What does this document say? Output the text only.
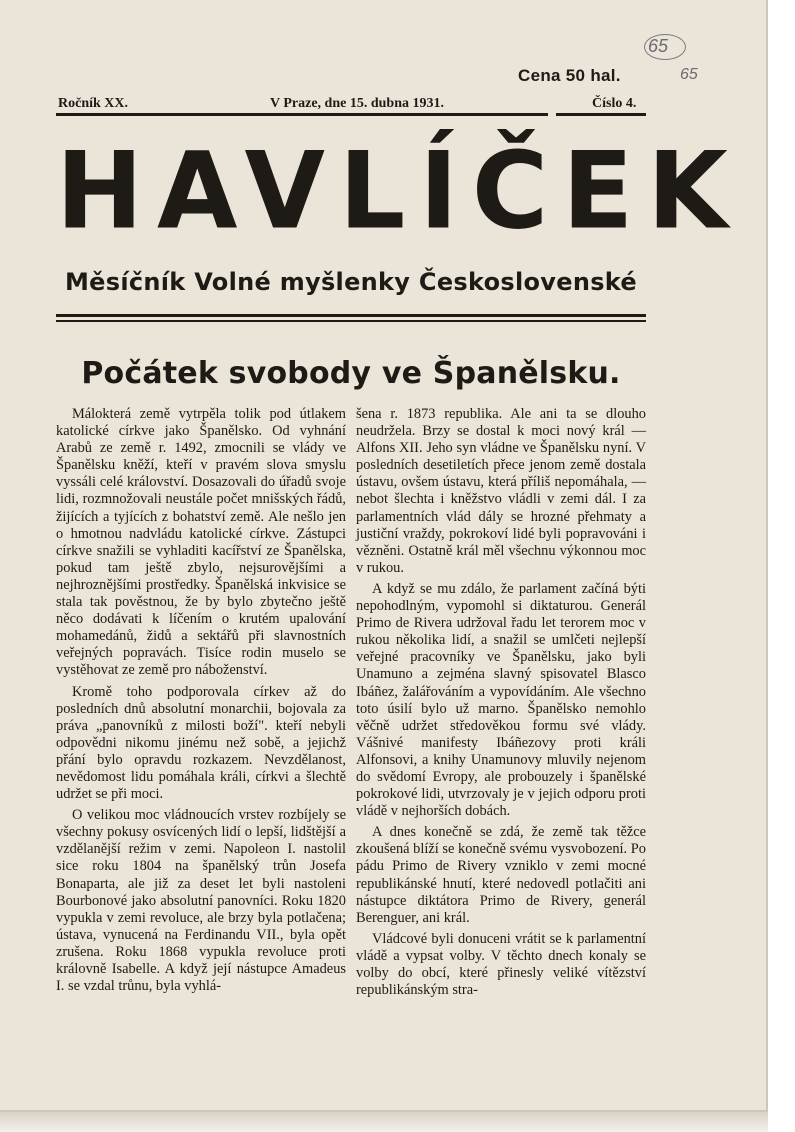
65
65
Cena 50 hal.
Ročník XX.	V Praze, dne 15. dubna 1931.	Číslo 4.
HAVLÍČEK
Měsíčník Volné myšlenky Československé
Počátek svobody ve Španělsku.

Málokterá země vytrpěla tolik pod útlakem katolické církve jako Španělsko. Od vyhnání Arabů ze země r. 1492, zmocnili se vlády ve Španělsku kněží, kteří v pravém slova smyslu vyssáli celé království. Dosazovali do úřadů svoje lidi, rozmnožovali neustále počet mnišských řádů, žijících a tyjících z bohatství země. Ale nešlo jen o hmotnou nadvládu katolické církve. Zástupci církve snažili se vyhladiti kacířství ze Španělska, pokud tam ještě zbylo, nejsurovějšími a nejhroznějšími prostředky. Španělská inkvisice se stala tak pověstnou, že by bylo zbytečno ještě něco dodávati k líčením o krutém upalování mohamedánů, židů a sektářů při slavnostních veřejných popravách. Tisíce rodin muselo se vystěhovat ze země pro náboženství.

Kromě toho podporovala církev až do posledních dnů absolutní monarchii, bojovala za práva „panovníků z milosti boží". kteří nebyli odpovědni nikomu jinému než sobě, a jejichž přání bylo opravdu rozkazem. Nevzdělanost, nevědomost lidu pomáhala králi, církvi a šlechtě udržet se při moci.

O velikou moc vládnoucích vrstev rozbíjely se všechny pokusy osvícených lidí o lepší, lidštější a vzdělanější režim v zemi. Napoleon I. nastolil sice roku 1804 na španělský trůn Josefa Bonaparta, ale již za deset let byli nastoleni Bourbonové jako absolutní panovníci. Roku 1820 vypukla v zemi revoluce, ale brzy byla potlačena; ústava, vynucená na Ferdinandu VII., byla opět zrušena. Roku 1868 vypukla revoluce proti královně Isabelle. A když její nástupce Amadeus I. se vzdal trůnu, byla vyhlá-

šena r. 1873 republika. Ale ani ta se dlouho neudržela. Brzy se dostal k moci nový král — Alfons XII. Jeho syn vládne ve Španělsku nyní. V posledních desetiletích přece jenom země dostala ústavu, ovšem ústavu, která příliš nepomáhala, — nebot šlechta i kněžstvo vládli v zemi dál. I za parlamentních vlád dály se hrozné přehmaty a justiční vraždy, pokrokoví lidé byli popravováni i vězněni. Ostatně král měl všechnu výkonnou moc v rukou.

A když se mu zdálo, že parlament začíná býti nepohodlným, vypomohl si diktaturou. Generál Primo de Rivera udržoval řadu let terorem moc v rukou několika lidí, a snažil se umlčeti nejlepší veřejné pracovníky ve Španělsku, jako byli Unamuno a zejména slavný spisovatel Blasco Ibáñez, žalářováním a vypovídáním. Ale všechno toto úsilí bylo už marno. Španělsko nemohlo věčně udržet středověkou formu své vlády. Vášnivé manifesty Ibáñezovy proti králi Alfonsovi, a knihy Unamunovy mluvily nejenom do svědomí Evropy, ale probouzely i španělské pokrokové lidi, utvrzovaly je v jejich odporu proti vládě v nejhorších dobách.

A dnes konečně se zdá, že země tak těžce zkoušená blíží se konečně svému vysvobození. Po pádu Primo de Rivery vzniklo v zemi mocné republikánské hnutí, které nedovedl potlačiti ani nástupce diktátora Primo de Rivery, generál Berenguer, ani král.

Vládcové byli donuceni vrátit se k parlamentní vládě a vypsat volby. V těchto dnech konaly se volby do obcí, které přinesly veliké vítězství republikánským stra-
